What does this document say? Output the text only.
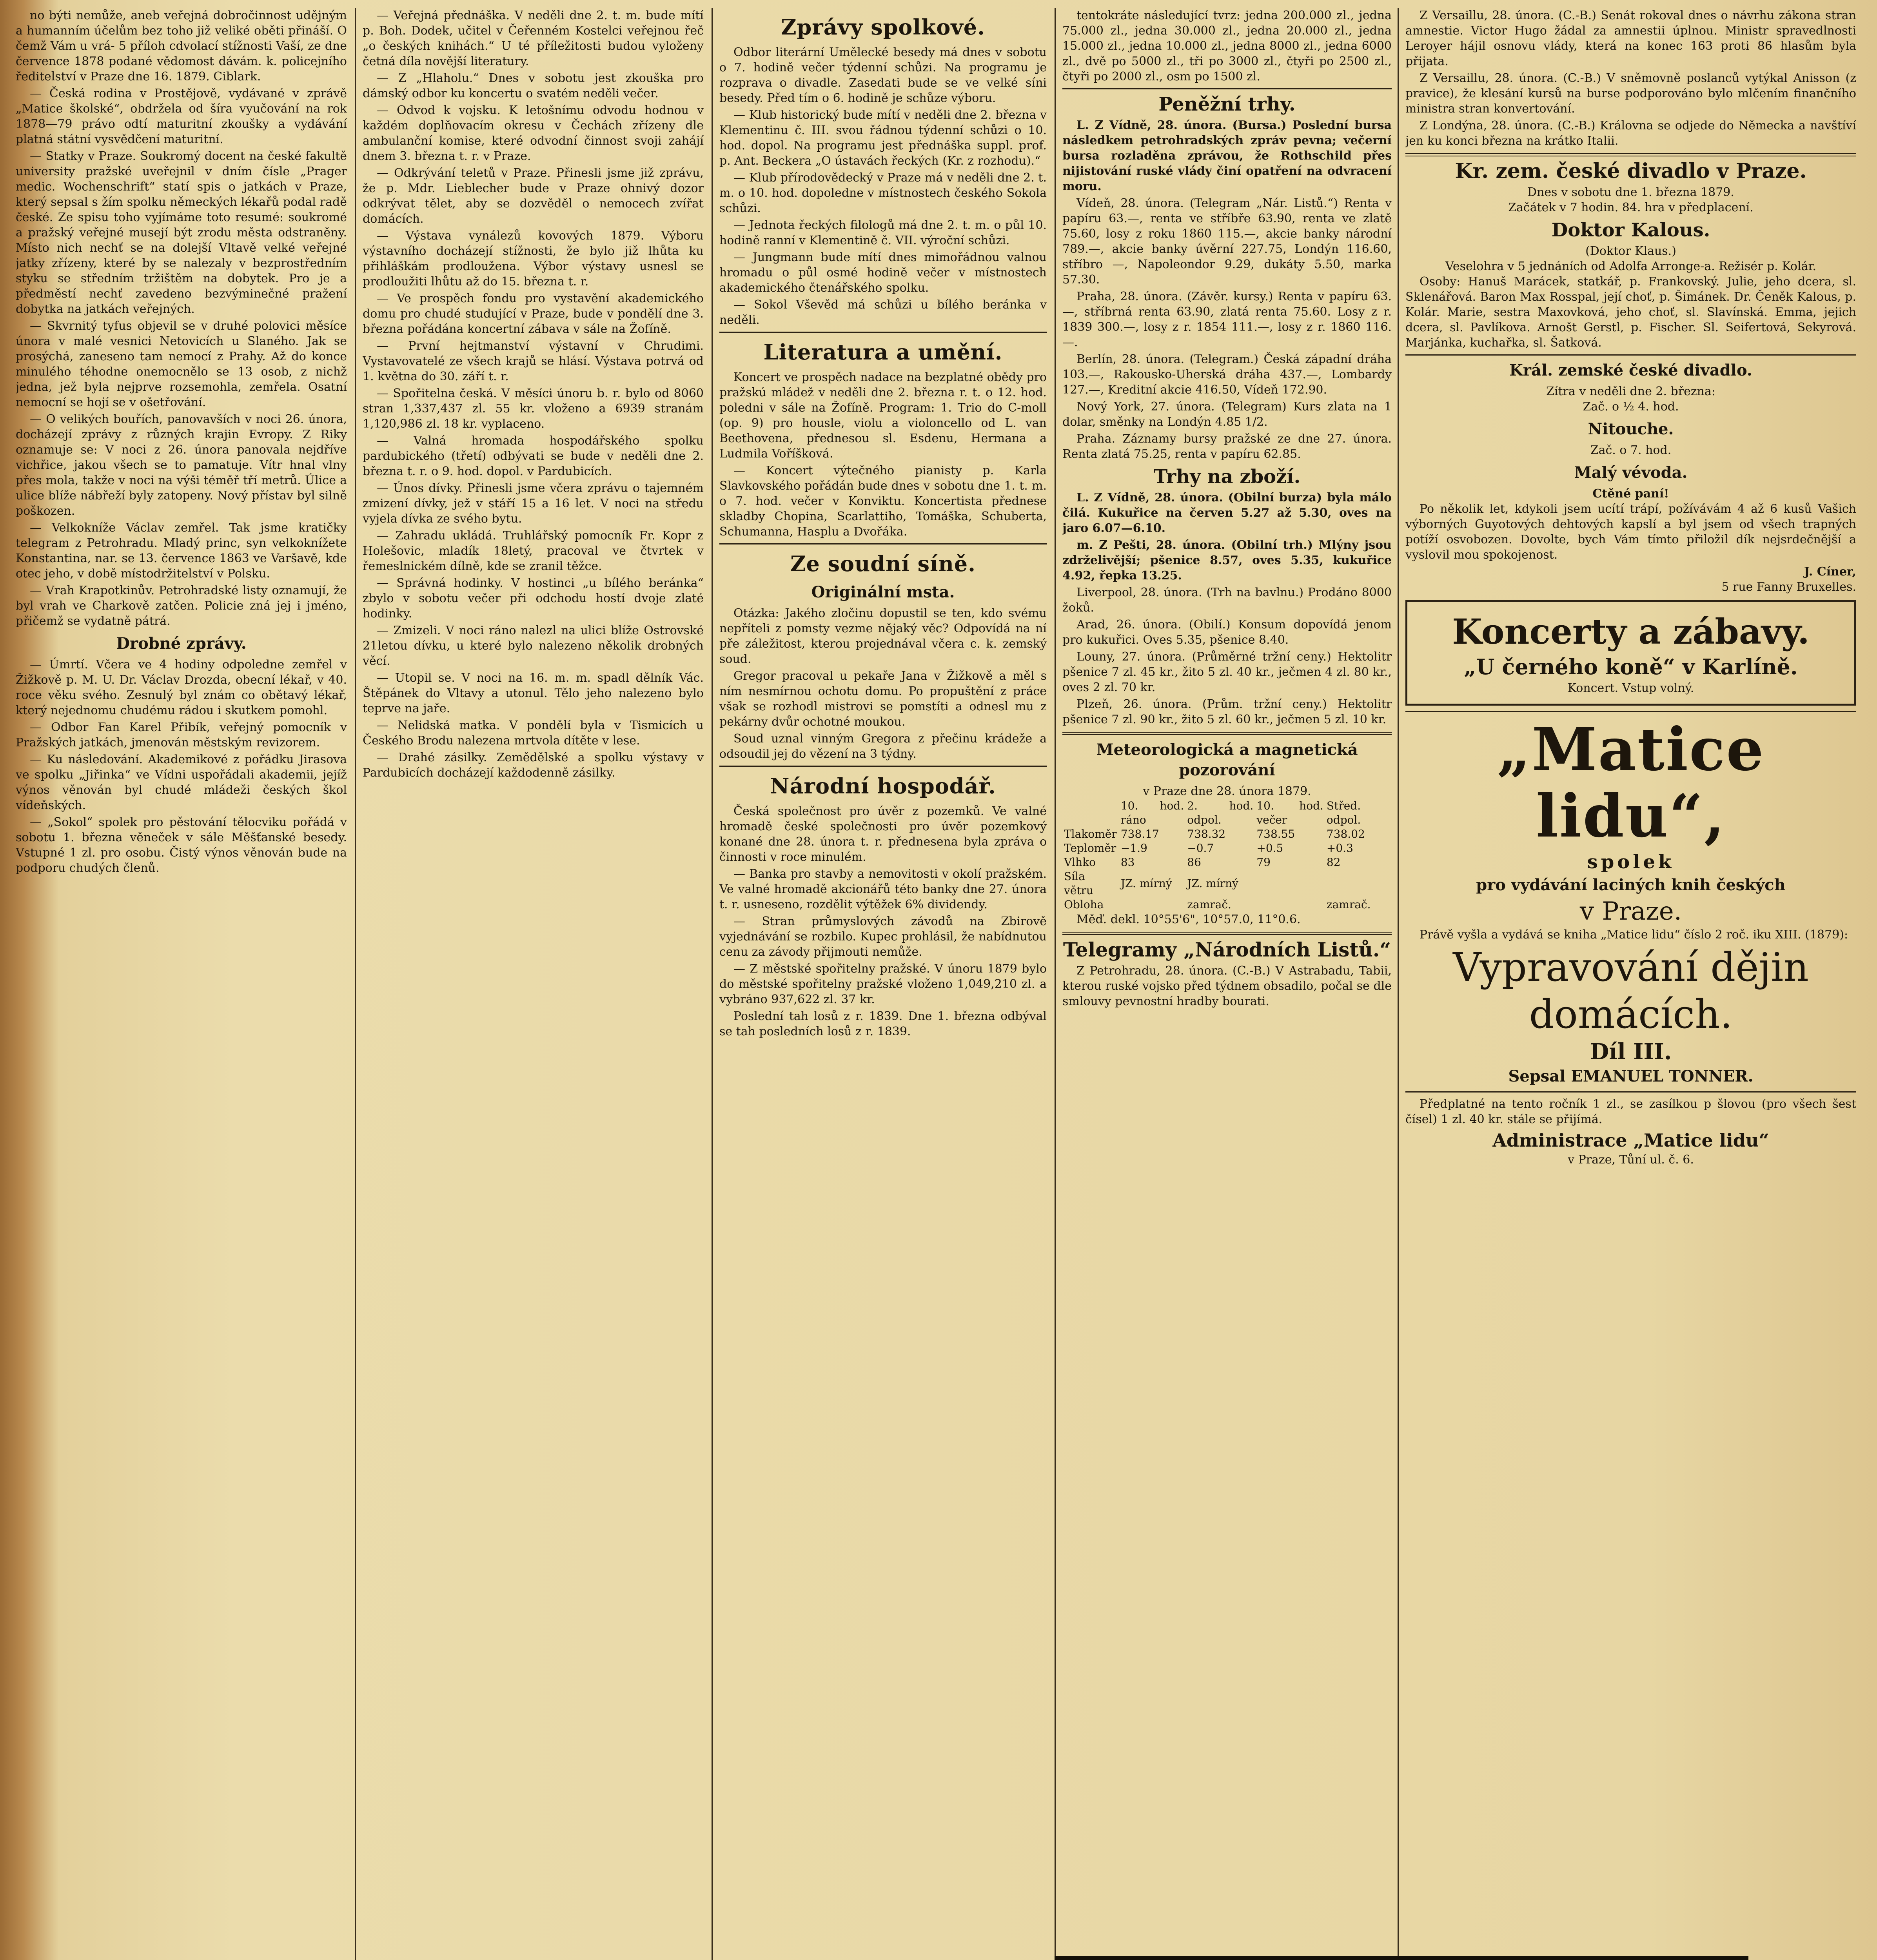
no býti nemůže, aneb veřejná dobročinnost udějným a humanním účelům bez toho již veliké oběti přináší. O čemž Vám u vrá- 5 příloh cdvolací stížnosti Vaší, ze dne července 1878 podané vědomost dávám. k. policejního ředitelství v Praze dne 16. 1879. Ciblark.

— Česká rodina v Prostějově, vydávané v zprávě „Matice školské“, obdržela od šíra vyučování na rok 1878—79 právo odtí maturitní zkoušky a vydávání platná státní vysvědčení maturitní.

— Statky v Praze. Soukromý docent na české fakultě university pražské uveřejnil v dním čísle „Prager medic. Wochenschrift“ statí spis o jatkách v Praze, který sepsal s žím spolku německých lékařů podal radě české. Ze spisu toho vyjímáme toto resumé: soukromé a pražský veřejné musejí být zrodu města odstraněny. Místo nich nechť se na dolejší Vltavě velké veřejné jatky zřízeny, které by se nalezaly v bezprostředním styku se středním tržištěm na dobytek. Pro je a předměstí nechť zavedeno bezvýminečné pražení dobytka na jatkách veřejných.

— Skvrnitý tyfus objevil se v druhé polovici měsíce února v malé vesnici Netovicích u Slaného. Jak se prosýchá, zaneseno tam nemocí z Prahy. Až do konce minulého téhodne onemocnělo se 13 osob, z nichž jedna, jež byla nejprve rozsemohla, zemřela. Osatní nemocní se hojí se v ošetřování.

— O velikých bouřích, panovavších v noci 26. února, docházejí zprávy z různých krajin Evropy. Z Riky oznamuje se: V noci z 26. února panovala nejdříve vichřice, jakou všech se to pamatuje. Vítr hnal vlny přes mola, takže v noci na výši téměř tří metrů. Úlice a ulice blíže nábřeží byly zatopeny. Nový přístav byl silně poškozen.

— Velkokníže Václav zemřel. Tak jsme kratičky telegram z Petrohradu. Mladý princ, syn velkoknížete Konstantina, nar. se 13. července 1863 ve Varšavě, kde otec jeho, v době místodržitelství v Polsku.

— Vrah Krapotkinův. Petrohradské listy oznamují, že byl vrah ve Charkově zatčen. Policie zná jej i jméno, přičemž se vydatně pátrá.

Drobné zprávy.

— Úmrtí. Včera ve 4 hodiny odpoledne zemřel v Žižkově p. M. U. Dr. Václav Drozda, obecní lékař, v 40. roce věku svého. Zesnulý byl znám co obětavý lékař, který nejednomu chudému rádou i skutkem pomohl.

— Odbor Fan Karel Přibík, veřejný pomocník v Pražských jatkách, jmenován městským revizorem.

— Ku následování. Akademikové z pořádku Jirasova ve spolku „Jiřinka“ ve Vídni uspořádali akademii, jejíž výnos věnován byl chudé mládeži českých škol vídeňských.

— „Sokol“ spolek pro pěstování tělocviku pořádá v sobotu 1. března věneček v sále Měšťanské besedy. Vstupné 1 zl. pro osobu. Čistý výnos věnován bude na podporu chudých členů.

— Veřejná přednáška. V neděli dne 2. t. m. bude mítí p. Boh. Dodek, učitel v Čeřenném Kostelci veřejnou řeč „o českých knihách.“ U té příležitosti budou vyloženy četná díla novější literatury.

— Z „Hlaholu.“ Dnes v sobotu jest zkouška pro dámský odbor ku koncertu o svatém neděli večer.

— Odvod k vojsku. K letošnímu odvodu hodnou v každém doplňovacím okresu v Čechách zřízeny dle ambulanční komise, které odvodní činnost svoji zahájí dnem 3. března t. r. v Praze.

— Odkrývání teletů v Praze. Přinesli jsme již zprávu, že p. Mdr. Lieblecher bude v Praze ohnivý dozor odkrývat tělet, aby se dozvěděl o nemocech zvířat domácích.

— Výstava vynálezů kovových 1879. Výboru výstavního docházejí stížnosti, že bylo již lhůta ku přihláškám prodloužena. Výbor výstavy usnesl se prodloužiti lhůtu až do 15. března t. r.

— Ve prospěch fondu pro vystavění akademického domu pro chudé studující v Praze, bude v pondělí dne 3. března pořádána koncertní zábava v sále na Žofíně.

— První hejtmanství výstavní v Chrudimi. Vystavovatelé ze všech krajů se hlásí. Výstava potrvá od 1. května do 30. září t. r.

— Spořitelna česká. V měsíci únoru b. r. bylo od 8060 stran 1,337,437 zl. 55 kr. vloženo a 6939 stranám 1,120,986 zl. 18 kr. vyplaceno.

— Valná hromada hospodářského spolku pardubického (třetí) odbývati se bude v neděli dne 2. března t. r. o 9. hod. dopol. v Pardubicích.

— Únos dívky. Přinesli jsme včera zprávu o tajemném zmizení dívky, jež v stáří 15 a 16 let. V noci na středu vyjela dívka ze svého bytu.

— Zahradu ukládá. Truhlářský pomocník Fr. Kopr z Holešovic, mladík 18letý, pracoval ve čtvrtek v řemeslnickém dílně, kde se zranil těžce.

— Správná hodinky. V hostinci „u bílého beránka“ zbylo v sobotu večer při odchodu hostí dvoje zlaté hodinky.

— Zmizeli. V noci ráno nalezl na ulici blíže Ostrovské 21letou dívku, u které bylo nalezeno několik drobných věcí.

— Utopil se. V noci na 16. m. m. spadl dělník Vác. Štěpánek do Vltavy a utonul. Tělo jeho nalezeno bylo teprve na jaře.

— Nelidská matka. V pondělí byla v Tismicích u Českého Brodu nalezena mrtvola dítěte v lese.

— Drahé zásilky. Zemědělské a spolku výstavy v Pardubicích docházejí každodenně zásilky.

Zprávy spolkové.

Odbor literární Umělecké besedy má dnes v sobotu o 7. hodině večer týdenní schůzi. Na programu je rozprava o divadle. Zasedati bude se ve velké síni besedy. Před tím o 6. hodině je schůze výboru.

— Klub historický bude mítí v neděli dne 2. března v Klementinu č. III. svou řádnou týdenní schůzi o 10. hod. dopol. Na programu jest přednáška suppl. prof. p. Ant. Beckera „O ústavách řeckých (Kr. z rozhodu).“

— Klub přírodovědecký v Praze má v neděli dne 2. t. m. o 10. hod. dopoledne v místnostech českého Sokola schůzi.

— Jednota řeckých filologů má dne 2. t. m. o půl 10. hodině ranní v Klementině č. VII. výroční schůzi.

— Jungmann bude mítí dnes mimořádnou valnou hromadu o půl osmé hodině večer v místnostech akademického čtenářského spolku.

— Sokol Vševěd má schůzi u bílého beránka v neděli.

Literatura a umění.

Koncert ve prospěch nadace na bezplatné obědy pro pražskú mládež v neděli dne 2. března r. t. o 12. hod. poledni v sále na Žofíně. Program: 1. Trio do C-moll (op. 9) pro housle, violu a violoncello od L. van Beethovena, přednesou sl. Esdenu, Hermana a Ludmila Voříšková.

— Koncert výtečného pianisty p. Karla Slavkovského pořádán bude dnes v sobotu dne 1. t. m. o 7. hod. večer v Konviktu. Koncertista přednese skladby Chopina, Scarlattiho, Tomáška, Schuberta, Schumanna, Hasplu a Dvořáka.

Ze soudní síně.
Originální msta.

Otázka: Jakého zločinu dopustil se ten, kdo svému nepříteli z pomsty vezme nějaký věc? Odpovídá na ní pře záležitost, kterou projednával včera c. k. zemský soud.

Gregor pracoval u pekaře Jana v Žižkově a měl s ním nesmírnou ochotu domu. Po propuštění z práce však se rozhodl mistrovi se pomstíti a odnesl mu z pekárny dvůr ochotné moukou.

Soud uznal vinným Gregora z přečinu krádeže a odsoudil jej do vězení na 3 týdny.

Národní hospodář.

Česká společnost pro úvěr z pozemků. Ve valné hromadě české společnosti pro úvěr pozemkový konané dne 28. února t. r. přednesena byla zpráva o činnosti v roce minulém.

— Banka pro stavby a nemovitosti v okolí pražském. Ve valné hromadě akcionářů této banky dne 27. února t. r. usneseno, rozdělit výtěžek 6% dividendy.

— Stran průmyslových závodů na Zbirově vyjednávání se rozbilo. Kupec prohlásil, že nabídnutou cenu za závody přijmouti nemůže.

— Z městské spořitelny pražské. V únoru 1879 bylo do městské spořitelny pražské vloženo 1,049,210 zl. a vybráno 937,622 zl. 37 kr.

Poslední tah losů z r. 1839. Dne 1. března odbýval se tah posledních losů z r. 1839.

tentokráte následující tvrz: jedna 200.000 zl., jedna 75.000 zl., jedna 30.000 zl., jedna 20.000 zl., jedna 15.000 zl., jedna 10.000 zl., jedna 8000 zl., jedna 6000 zl., dvě po 5000 zl., tři po 3000 zl., čtyři po 2500 zl., čtyři po 2000 zl., osm po 1500 zl.

Peněžní trhy.

L. Z Vídně, 28. února. (Bursa.) Poslední bursa následkem petrohradských zpráv pevna; večerní bursa rozladěna zprávou, že Rothschild přes nijistování ruské vlády činí opatření na odvracení moru.

Vídeň, 28. února. (Telegram „Nár. Listů.“) Renta v papíru 63.—, renta ve stříbře 63.90, renta ve zlatě 75.60, losy z roku 1860 115.—, akcie banky národní 789.—, akcie banky úvěrní 227.75, Londýn 116.60, stříbro —, Napoleondor 9.29, dukáty 5.50, marka 57.30.

Praha, 28. února. (Závěr. kursy.) Renta v papíru 63.—, stříbrná renta 63.90, zlatá renta 75.60. Losy z r. 1839 300.—, losy z r. 1854 111.—, losy z r. 1860 116.—.

Berlín, 28. února. (Telegram.) Česká západní dráha 103.—, Rakousko-Uherská dráha 437.—, Lombardy 127.—, Kreditní akcie 416.50, Vídeň 172.90.

Nový York, 27. února. (Telegram) Kurs zlata na 1 dolar, směnky na Londýn 4.85 1/2.

Praha. Záznamy bursy pražské ze dne 27. února. Renta zlatá 75.25, renta v papíru 62.85.

Trhy na zboží.

L. Z Vídně, 28. února. (Obilní burza) byla málo čilá. Kukuřice na červen 5.27 až 5.30, oves na jaro 6.07—6.10.

m. Z Pešti, 28. února. (Obilní trh.) Mlýny jsou zdrželivější; pšenice 8.57, oves 5.35, kukuřice 4.92, řepka 13.25.

Liverpool, 28. února. (Trh na bavlnu.) Prodáno 8000 žoků.

Arad, 26. února. (Obilí.) Konsum dopovídá jenom pro kukuřici. Oves 5.35, pšenice 8.40.

Louny, 27. února. (Průměrné tržní ceny.) Hektolitr pšenice 7 zl. 45 kr., žito 5 zl. 40 kr., ječmen 4 zl. 80 kr., oves 2 zl. 70 kr.

Plzeň, 26. února. (Prům. tržní ceny.) Hektolitr pšenice 7 zl. 90 kr., žito 5 zl. 60 kr., ječmen 5 zl. 10 kr.

Meteorologická a magnetická pozorování
v Praze dne 28. února 1879.
	10. hod. ráno	2. hod. odpol.	10. hod. večer	Střed. odpol.
Tlakoměr	738.17	738.32	738.55	738.02
Teploměr	−1.9	−0.7	+0.5	+0.3
Vlhko	83	86	79	82
Síla větru	JZ. mírný	JZ. mírný		
Obloha		zamrač.		zamrač.

Měď. dekl. 10°55'6", 10°57.0, 11°0.6.

Telegramy „Národních Listů.“

Z Petrohradu, 28. února. (C.-B.) V Astrabadu, Tabii, kterou ruské vojsko před týdnem obsadilo, počal se dle smlouvy pevnostní hradby bourati.

Z Versaillu, 28. února. (C.-B.) Senát rokoval dnes o návrhu zákona stran amnestie. Victor Hugo žádal za amnestii úplnou. Ministr spravedlnosti Leroyer hájil osnovu vlády, která na konec 163 proti 86 hlasům byla přijata.

Z Versaillu, 28. února. (C.-B.) V sněmovně poslanců vytýkal Anisson (z pravice), že klesání kursů na burse podporováno bylo mlčením finančního ministra stran konvertování.

Z Londýna, 28. února. (C.-B.) Královna se odjede do Německa a navštíví jen ku konci března na krátko Italii.

Kr. zem. české divadlo v Praze.
Dnes v sobotu dne 1. března 1879.
Začátek v 7 hodin. 84. hra v předplacení.
Doktor Kalous.
(Doktor Klaus.)
Veselohra v 5 jednáních od Adolfa Arronge-a. Režisér p. Kolár.

Osoby: Hanuš Marácek, statkář, p. Frankovský. Julie, jeho dcera, sl. Sklenářová. Baron Max Rosspal, její choť, p. Šimánek. Dr. Čeněk Kalous, p. Kolár. Marie, sestra Maxovková, jeho choť, sl. Slavínská. Emma, jejich dcera, sl. Pavlíkova. Arnošt Gerstl, p. Fischer. Sl. Seifertová, Sekyrová. Marjánka, kuchařka, sl. Šatková.

Král. zemské české divadlo.
Zítra v neděli dne 2. března:
Zač. o ½ 4. hod.
Nitouche.
Zač. o 7. hod.
Malý vévoda.
Ctěné paní!

Po několik let, kdykoli jsem ucítí trápí, požívávám 4 až 6 kusů Vašich výborných Guyotových dehtových kapslí a byl jsem od všech trapných potíží osvobozen. Dovolte, bych Vám tímto přiložil dík nejsrdečnější a vyslovil mou spokojenost.

J. Cíner,
5 rue Fanny Bruxelles.
Koncerty a zábavy.
„U černého koně“ v Karlíně.
Koncert. Vstup volný.
„Matice lidu“,
spolek
pro vydávání laciných knih českých
v Praze.

Právě vyšla a vydává se kniha „Matice lidu“ číslo 2 roč. iku XIII. (1879):

Vypravování dějin domácích.
Díl III.
Sepsal EMANUEL TONNER.

Předplatné na tento ročník 1 zl., se zasílkou p šlovou (pro všech šest čísel) 1 zl. 40 kr. stále se přijímá.

Administrace „Matice lidu“
v Praze, Tůní ul. č. 6.
